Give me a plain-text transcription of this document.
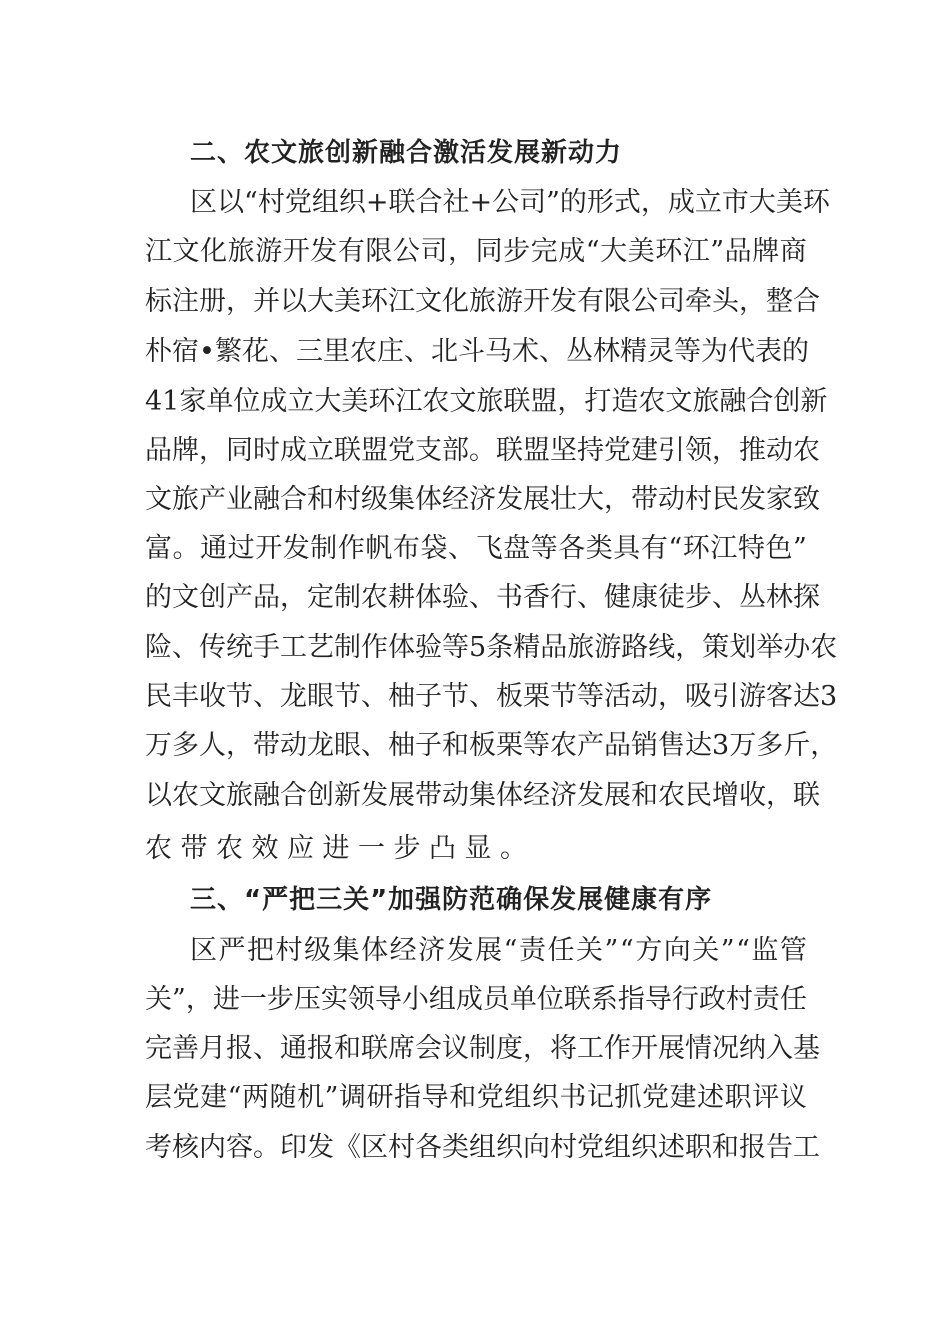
二、农文旅创新融合激活发展新动力
区 以 “ 村 党 组 织 + 联 合 社 + 公 司 ” 的 形 式 ， 成 立 市 大 美 环
江 文 化 旅 游 开 发 有 限 公 司 ， 同 步 完 成 “ 大 美 环 江 ” 品 牌 商
标 注 册 ， 并 以 大 美 环 江 文 化 旅 游 开 发 有 限 公 司 牵 头 ， 整 合
朴 宿 • 繁 花 、 三 里 农 庄 、 北 斗 马 术 、 丛 林 精 灵 等 为 代 表 的
41 家 单 位 成 立 大 美 环 江 农 文 旅 联 盟 ， 打 造 农 文 旅 融 合 创 新
品 牌 ， 同 时 成 立 联 盟 党 支 部 。 联 盟 坚 持 党 建 引 领 ， 推 动 农
文 旅 产 业 融 合 和 村 级 集 体 经 济 发 展 壮 大 ， 带 动 村 民 发 家 致
富 。 通 过 开 发 制 作 帆 布 袋 、 飞 盘 等 各 类 具 有 “ 环 江 特 色 ”
的 文 创 产 品 ， 定 制 农 耕 体 验 、 书 香 行 、 健 康 徒 步 、 丛 林 探
险 、 传 统 手 工 艺 制 作 体 验 等 5 条 精 品 旅 游 路 线 ， 策 划 举 办 农
民 丰 收 节 、 龙 眼 节 、 柚 子 节 、 板 栗 节 等 活 动 ， 吸 引 游 客 达 3
万 多 人 ， 带 动 龙 眼 、 柚 子 和 板 栗 等 农 产 品 销 售 达 3 万 多 斤 ，
以 农 文 旅 融 合 创 新 发 展 带 动 集 体 经 济 发 展 和 农 民 增 收 ， 联
农带农效应进一步凸显。
三、“严把三关”加强防范确保发展健康有序
区 严 把 村 级 集 体 经 济 发 展 “ 责 任 关 ” “ 方 向 关 ” “ 监 管
关 ” ， 进 一 步 压 实 领 导 小 组 成 员 单 位 联 系 指 导 行 政 村 责 任
完 善 月 报 、 通 报 和 联 席 会 议 制 度 ， 将 工 作 开 展 情 况 纳 入 基
层 党 建 “ 两 随 机 ” 调 研 指 导 和 党 组 织 书 记 抓 党 建 述 职 评 议
考 核 内 容 。 印 发 《 区 村 各 类 组 织 向 村 党 组 织 述 职 和 报 告 工
